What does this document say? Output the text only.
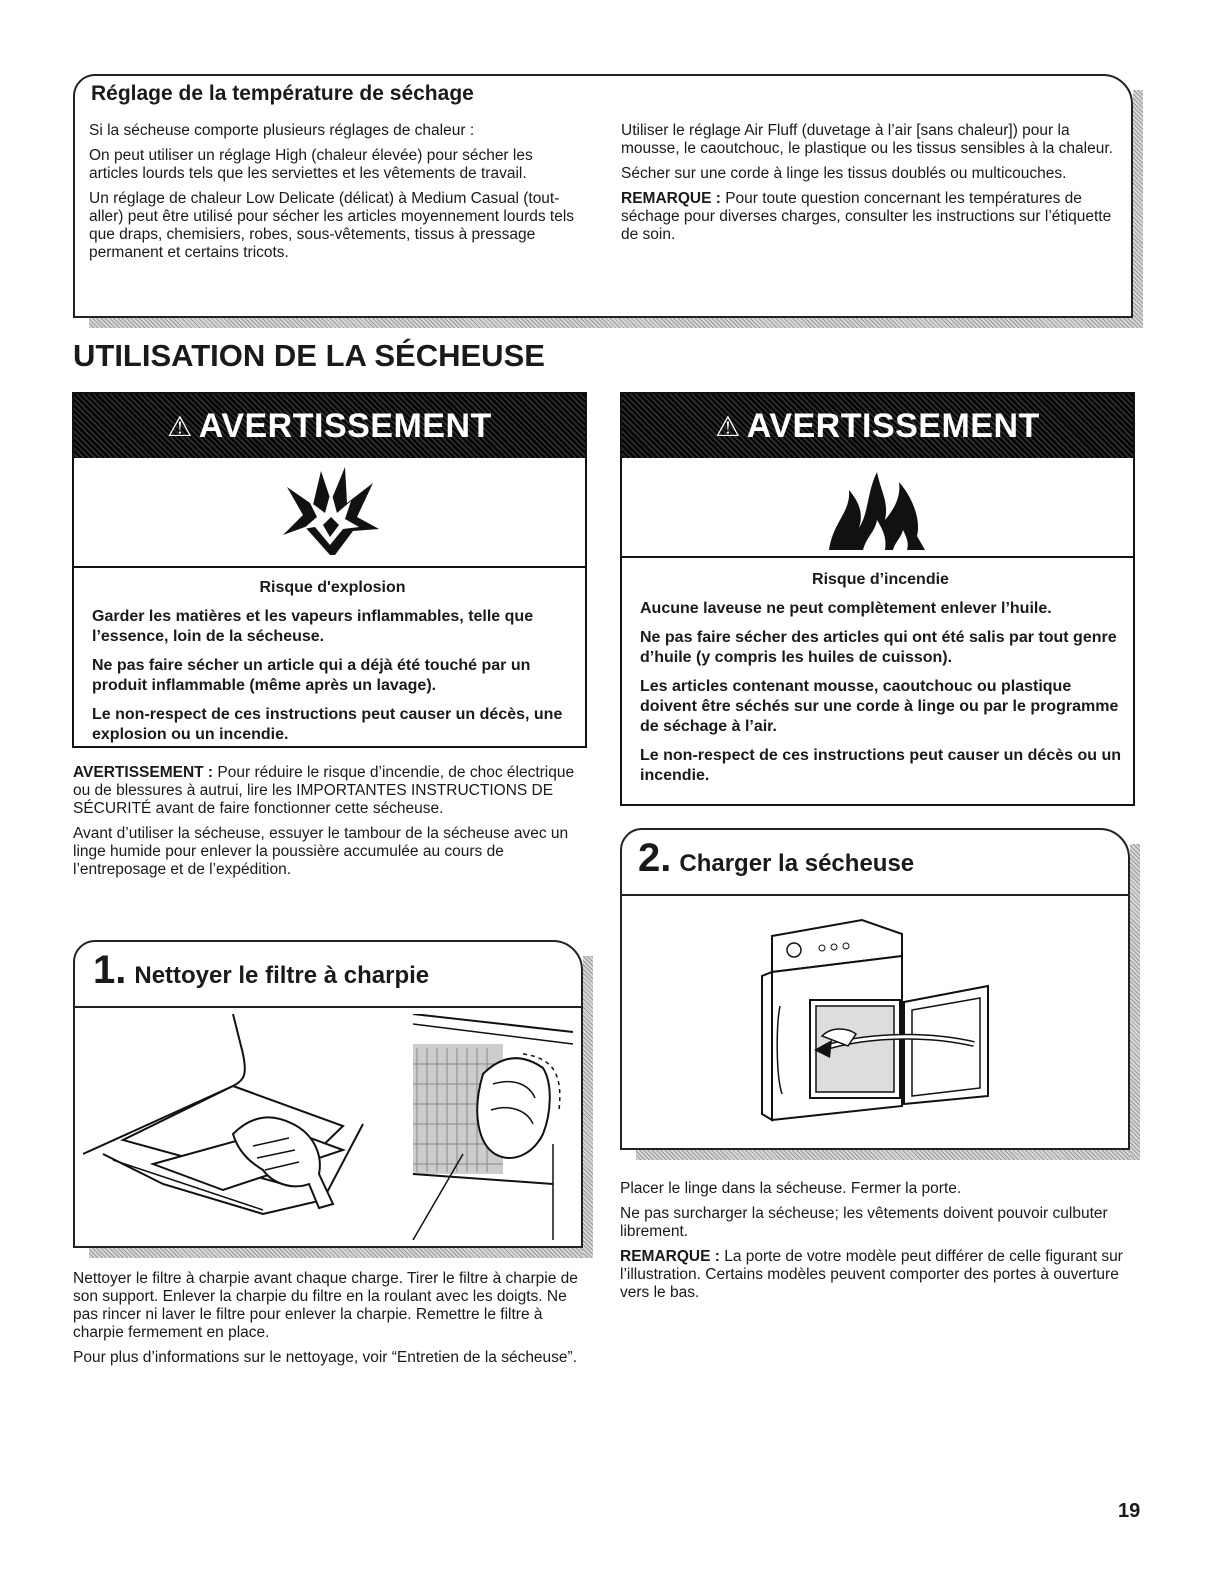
Réglage de la température de séchage

Si la sécheuse comporte plusieurs réglages de chaleur :

On peut utiliser un réglage High (chaleur élevée) pour sécher les articles lourds tels que les serviettes et les vêtements de travail.

Un réglage de chaleur Low Delicate (délicat) à Medium Casual (tout-aller) peut être utilisé pour sécher les articles moyennement lourds tels que draps, chemisiers, robes, sous-vêtements, tissus à pressage permanent et certains tricots.

Utiliser le réglage Air Fluff (duvetage à l’air [sans chaleur]) pour la mousse, le caoutchouc, le plastique ou les tissus sensibles à la chaleur.

Sécher sur une corde à linge les tissus doublés ou multicouches.

REMARQUE : Pour toute question concernant les températures de séchage pour diverses charges, consulter les instructions sur l’étiquette de soin.

UTILISATION DE LA SÉCHEUSE
⚠ AVERTISSEMENT

Risque d'explosion

Garder les matières et les vapeurs inflammables, telle que l’essence, loin de la sécheuse.

Ne pas faire sécher un article qui a déjà été touché par un produit inflammable (même après un lavage).

Le non-respect de ces instructions peut causer un décès, une explosion ou un incendie.

⚠ AVERTISSEMENT

Risque d’incendie

Aucune laveuse ne peut complètement enlever l’huile.

Ne pas faire sécher des articles qui ont été salis par tout genre d’huile (y compris les huiles de cuisson).

Les articles contenant mousse, caoutchouc ou plastique doivent être séchés sur une corde à linge ou par le programme de séchage à l’air.

Le non-respect de ces instructions peut causer un décès ou un incendie.

AVERTISSEMENT : Pour réduire le risque d’incendie, de choc électrique ou de blessures à autrui, lire les IMPORTANTES INSTRUCTIONS DE SÉCURITÉ avant de faire fonctionner cette sécheuse.

Avant d’utiliser la sécheuse, essuyer le tambour de la sécheuse avec un linge humide pour enlever la poussière accumulée au cours de l’entreposage et de l’expédition.

1. Nettoyer le filtre à charpie

Nettoyer le filtre à charpie avant chaque charge. Tirer le filtre à charpie de son support. Enlever la charpie du filtre en la roulant avec les doigts. Ne pas rincer ni laver le filtre pour enlever la charpie. Remettre le filtre à charpie fermement en place.

Pour plus d’informations sur le nettoyage, voir “Entretien de la sécheuse”.

2. Charger la sécheuse

Placer le linge dans la sécheuse. Fermer la porte.

Ne pas surcharger la sécheuse; les vêtements doivent pouvoir culbuter librement.

REMARQUE : La porte de votre modèle peut différer de celle figurant sur l’illustration. Certains modèles peuvent comporter des portes à ouverture vers le bas.

19
